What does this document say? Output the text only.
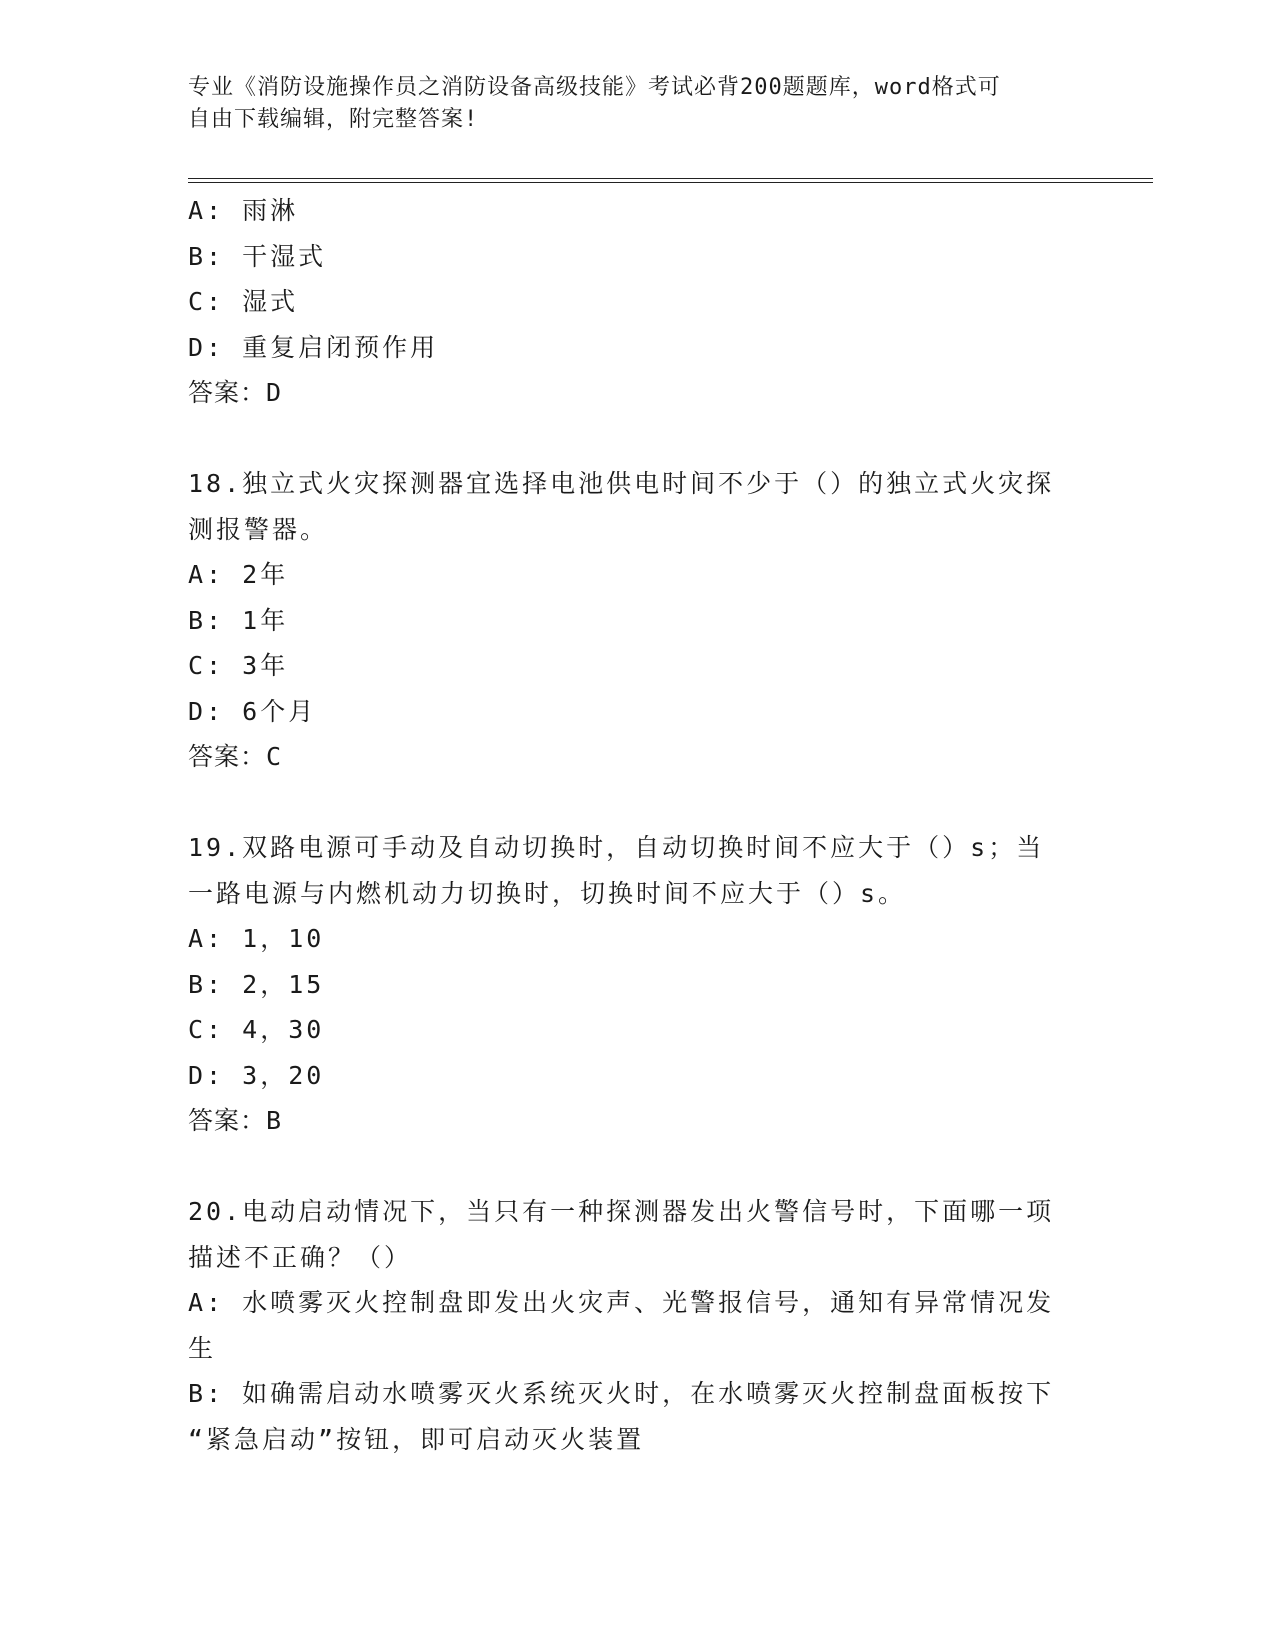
专业《消防设施操作员之消防设备高级技能》考试必背200题题库，word格式可
自由下载编辑，附完整答案!
A: 雨淋
B: 干湿式
C: 湿式
D: 重复启闭预作用
答案：D
18.独立式火灾探测器宜选择电池供电时间不少于（）的独立式火灾探
测报警器。
A: 2年
B: 1年
C: 3年
D: 6个月
答案：C
19.双路电源可手动及自动切换时，自动切换时间不应大于（）s；当
一路电源与内燃机动力切换时，切换时间不应大于（）s。
A: 1，10
B: 2，15
C: 4，30
D: 3，20
答案：B
20.电动启动情况下，当只有一种探测器发出火警信号时，下面哪一项
描述不正确？（）
A: 水喷雾灭火控制盘即发出火灾声、光警报信号，通知有异常情况发
生
B: 如确需启动水喷雾灭火系统灭火时，在水喷雾灭火控制盘面板按下
“紧急启动”按钮，即可启动灭火装置
